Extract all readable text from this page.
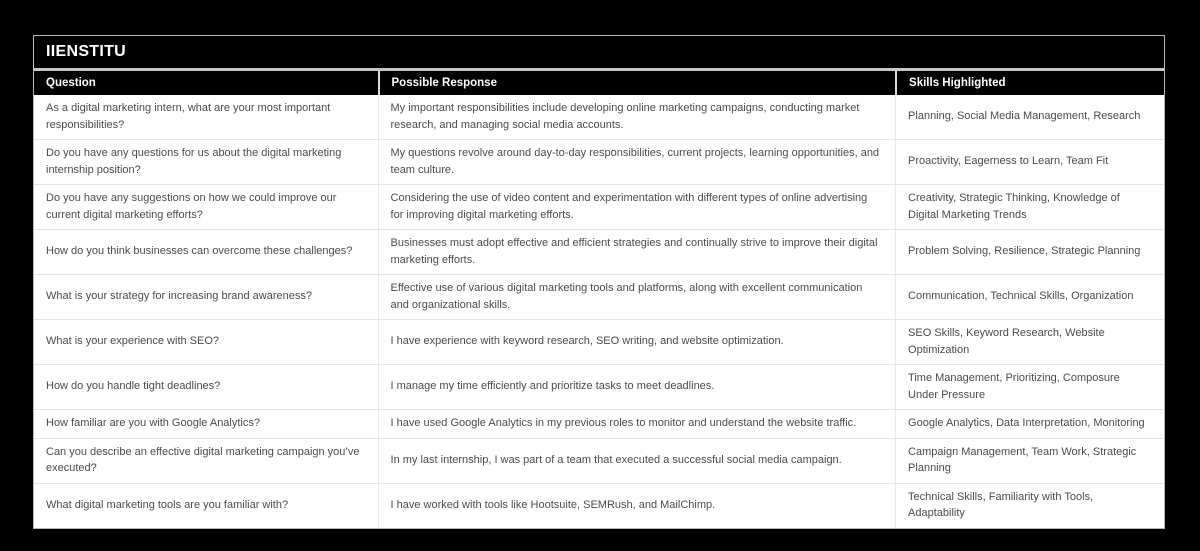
IIENSTITU
Question	Possible Response	Skills Highlighted
As a digital marketing intern, what are your most important responsibilities?	My important responsibilities include developing online marketing campaigns, conducting market research, and managing social media accounts.	Planning, Social Media Management, Research
Do you have any questions for us about the digital marketing internship position?	My questions revolve around day-to-day responsibilities, current projects, learning opportunities, and team culture.	Proactivity, Eagerness to Learn, Team Fit
Do you have any suggestions on how we could improve our current digital marketing efforts?	Considering the use of video content and experimentation with different types of online advertising for improving digital marketing efforts.	Creativity, Strategic Thinking, Knowledge of Digital Marketing Trends
How do you think businesses can overcome these challenges?	Businesses must adopt effective and efficient strategies and continually strive to improve their digital marketing efforts.	Problem Solving, Resilience, Strategic Planning
What is your strategy for increasing brand awareness?	Effective use of various digital marketing tools and platforms, along with excellent communication and organizational skills.	Communication, Technical Skills, Organization
What is your experience with SEO?	I have experience with keyword research, SEO writing, and website optimization.	SEO Skills, Keyword Research, Website Optimization
How do you handle tight deadlines?	I manage my time efficiently and prioritize tasks to meet deadlines.	Time Management, Prioritizing, Composure Under Pressure
How familiar are you with Google Analytics?	I have used Google Analytics in my previous roles to monitor and understand the website traffic.	Google Analytics, Data Interpretation, Monitoring
Can you describe an effective digital marketing campaign you’ve executed?	In my last internship, I was part of a team that executed a successful social media campaign.	Campaign Management, Team Work, Strategic Planning
What digital marketing tools are you familiar with?	I have worked with tools like Hootsuite, SEMRush, and MailChimp.	Technical Skills, Familiarity with Tools, Adaptability
